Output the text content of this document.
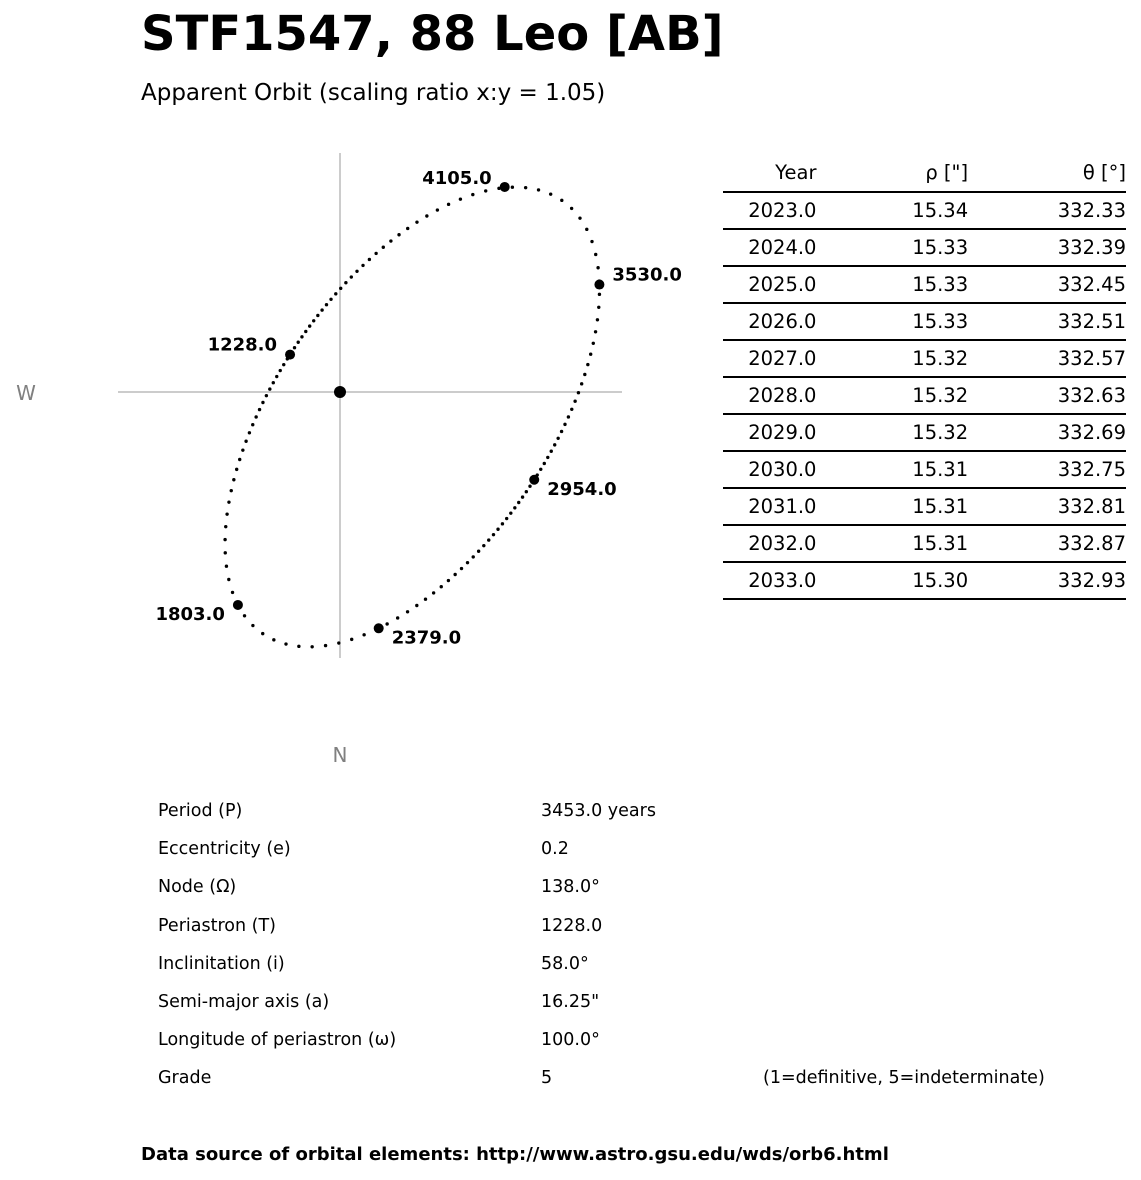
STF1547, 88 Leo [AB]
Apparent Orbit (scaling ratio x:y = 1.05)
1228.0
1803.0
2379.0
2954.0
3530.0
4105.0
W
N
Year	ρ ["]	θ [°]
2023.0	15.34	332.33
2024.0	15.33	332.39
2025.0	15.33	332.45
2026.0	15.33	332.51
2027.0	15.32	332.57
2028.0	15.32	332.63
2029.0	15.32	332.69
2030.0	15.31	332.75
2031.0	15.31	332.81
2032.0	15.31	332.87
2033.0	15.30	332.93
Period (P)	3453.0 years
Eccentricity (e)	0.2
Node (Ω)	138.0°
Periastron (T)	1228.0
Inclinitation (i)	58.0°
Semi-major axis (a)	16.25"
Longitude of periastron (ω)	100.0°
Grade	5	(1=definitive, 5=indeterminate)
Data source of orbital elements: http://www.astro.gsu.edu/wds/orb6.html
